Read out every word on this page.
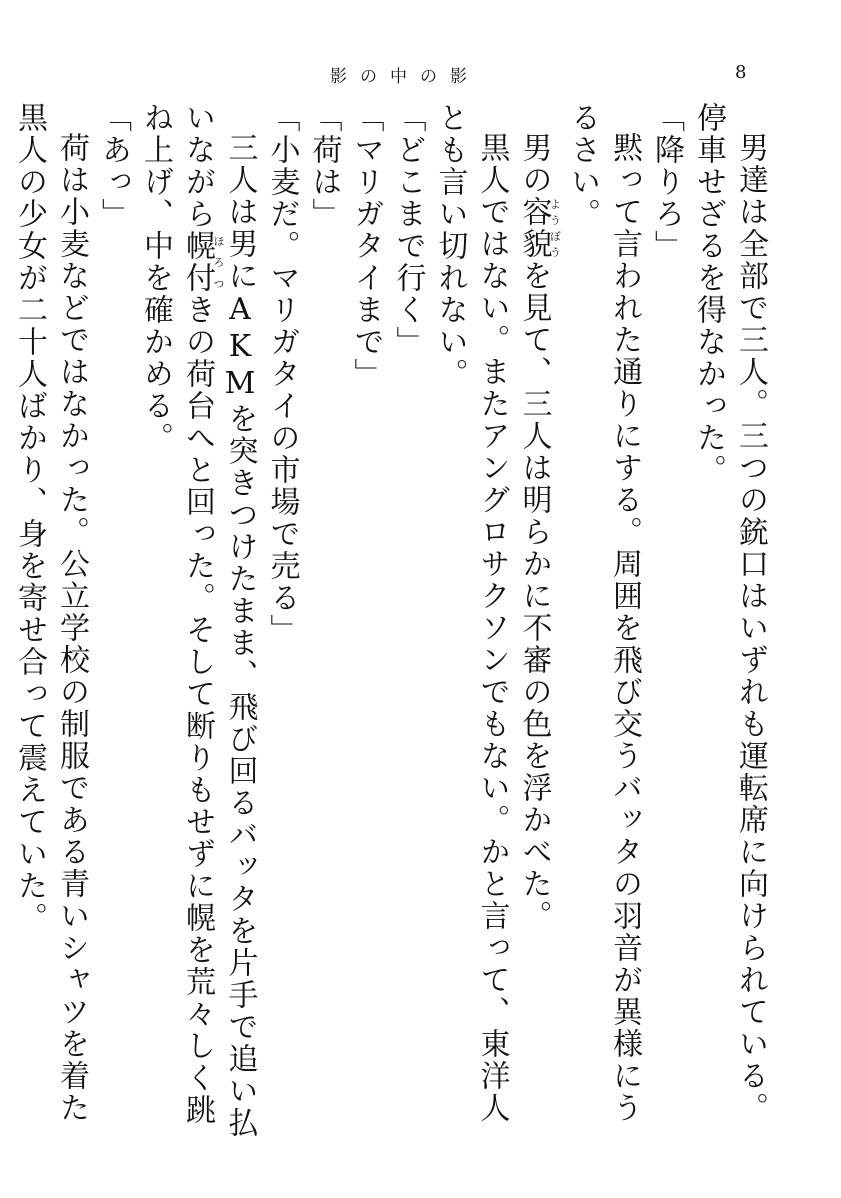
影の中の影	8

男達は全部で三人。三つの銃口はいずれも運転席に向けられている。停車せざるを得なかった。

「降りろ」

黙って言われた通りにする。周囲を飛び交うバッタの羽音が異様にうるさい。

男の容貌ようぼうを見て、三人は明らかに不審の色を浮かべた。

黒人ではない。またアングロサクソンでもない。かと言って、東洋人とも言い切れない。

「どこまで行く」

「マリガタイまで」

「荷は」

「小麦だ。マリガタイの市場で売る」

三人は男にAKMを突きつけたまま、飛び回るバッタを片手で追い払いながら幌付ほろつきの荷台へと回った。そして断りもせずに幌を荒々しく跳ね上げ、中を確かめる。

「あっ」

荷は小麦などではなかった。公立学校の制服である青いシャツを着た黒人の少女が二十人ばかり、身を寄せ合って震えていた。
